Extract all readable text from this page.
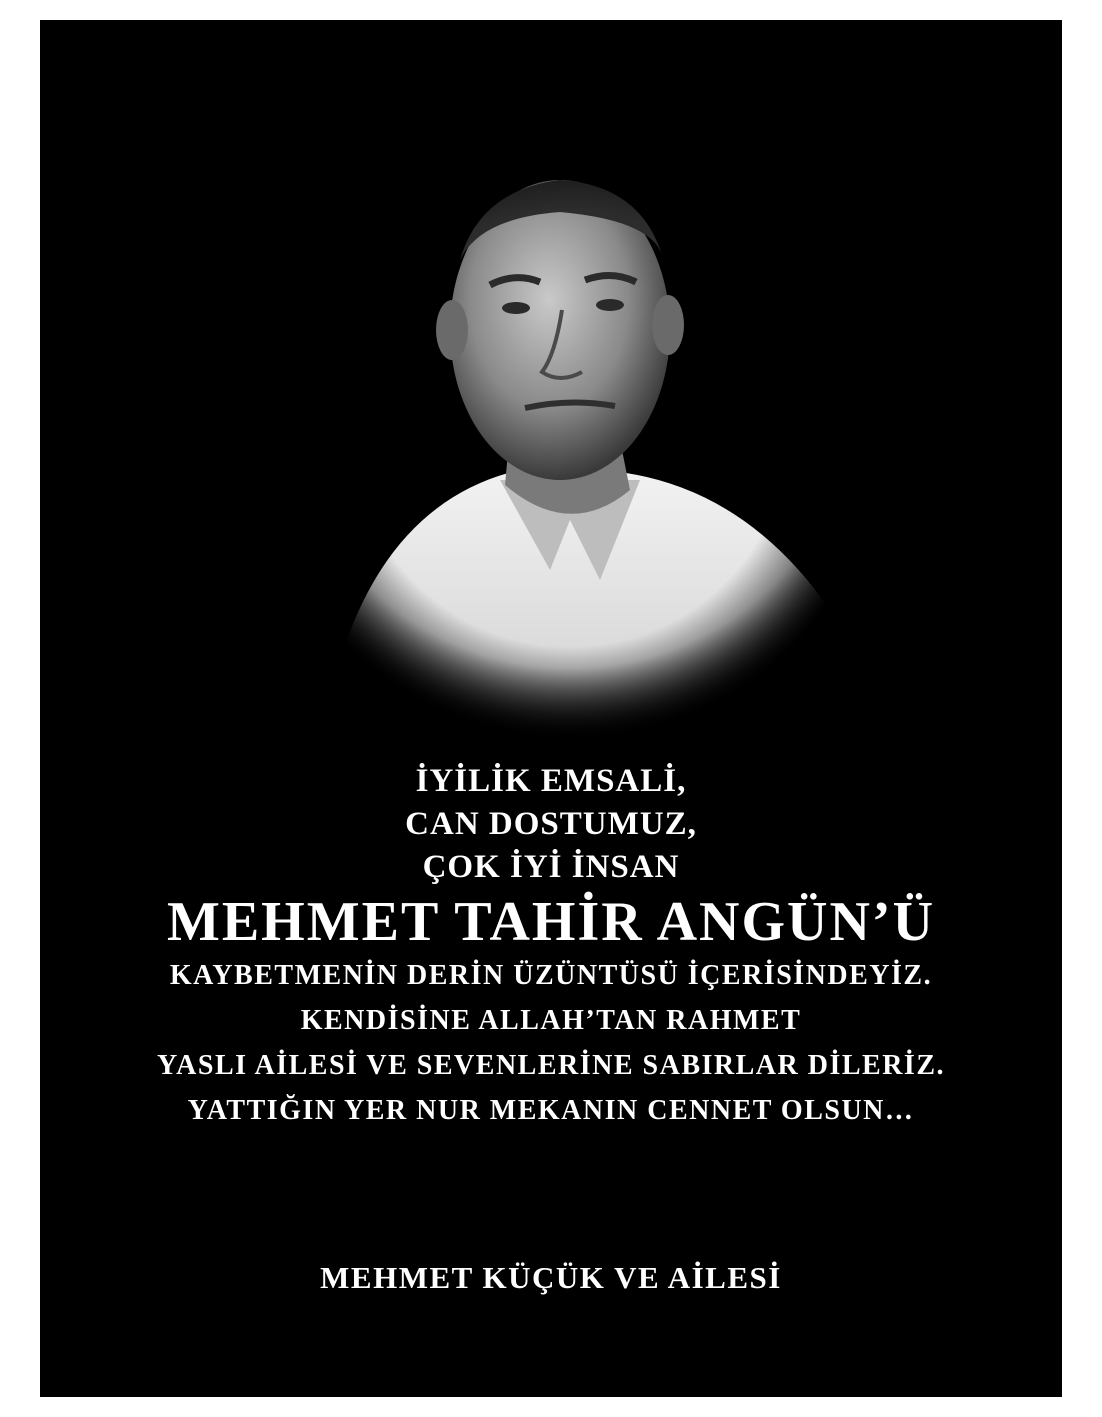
İYİLİK EMSALİ,
CAN DOSTUMUZ,
ÇOK İYİ İNSAN
MEHMET TAHİR ANGÜN’Ü
KAYBETMENİN DERİN ÜZÜNTÜSÜ İÇERİSİNDEYİZ.
KENDİSİNE ALLAH’TAN RAHMET
YASLI AİLESİ VE SEVENLERİNE SABIRLAR DİLERİZ.
YATTIĞIN YER NUR MEKANIN CENNET OLSUN…
MEHMET KÜÇÜK VE AİLESİ
